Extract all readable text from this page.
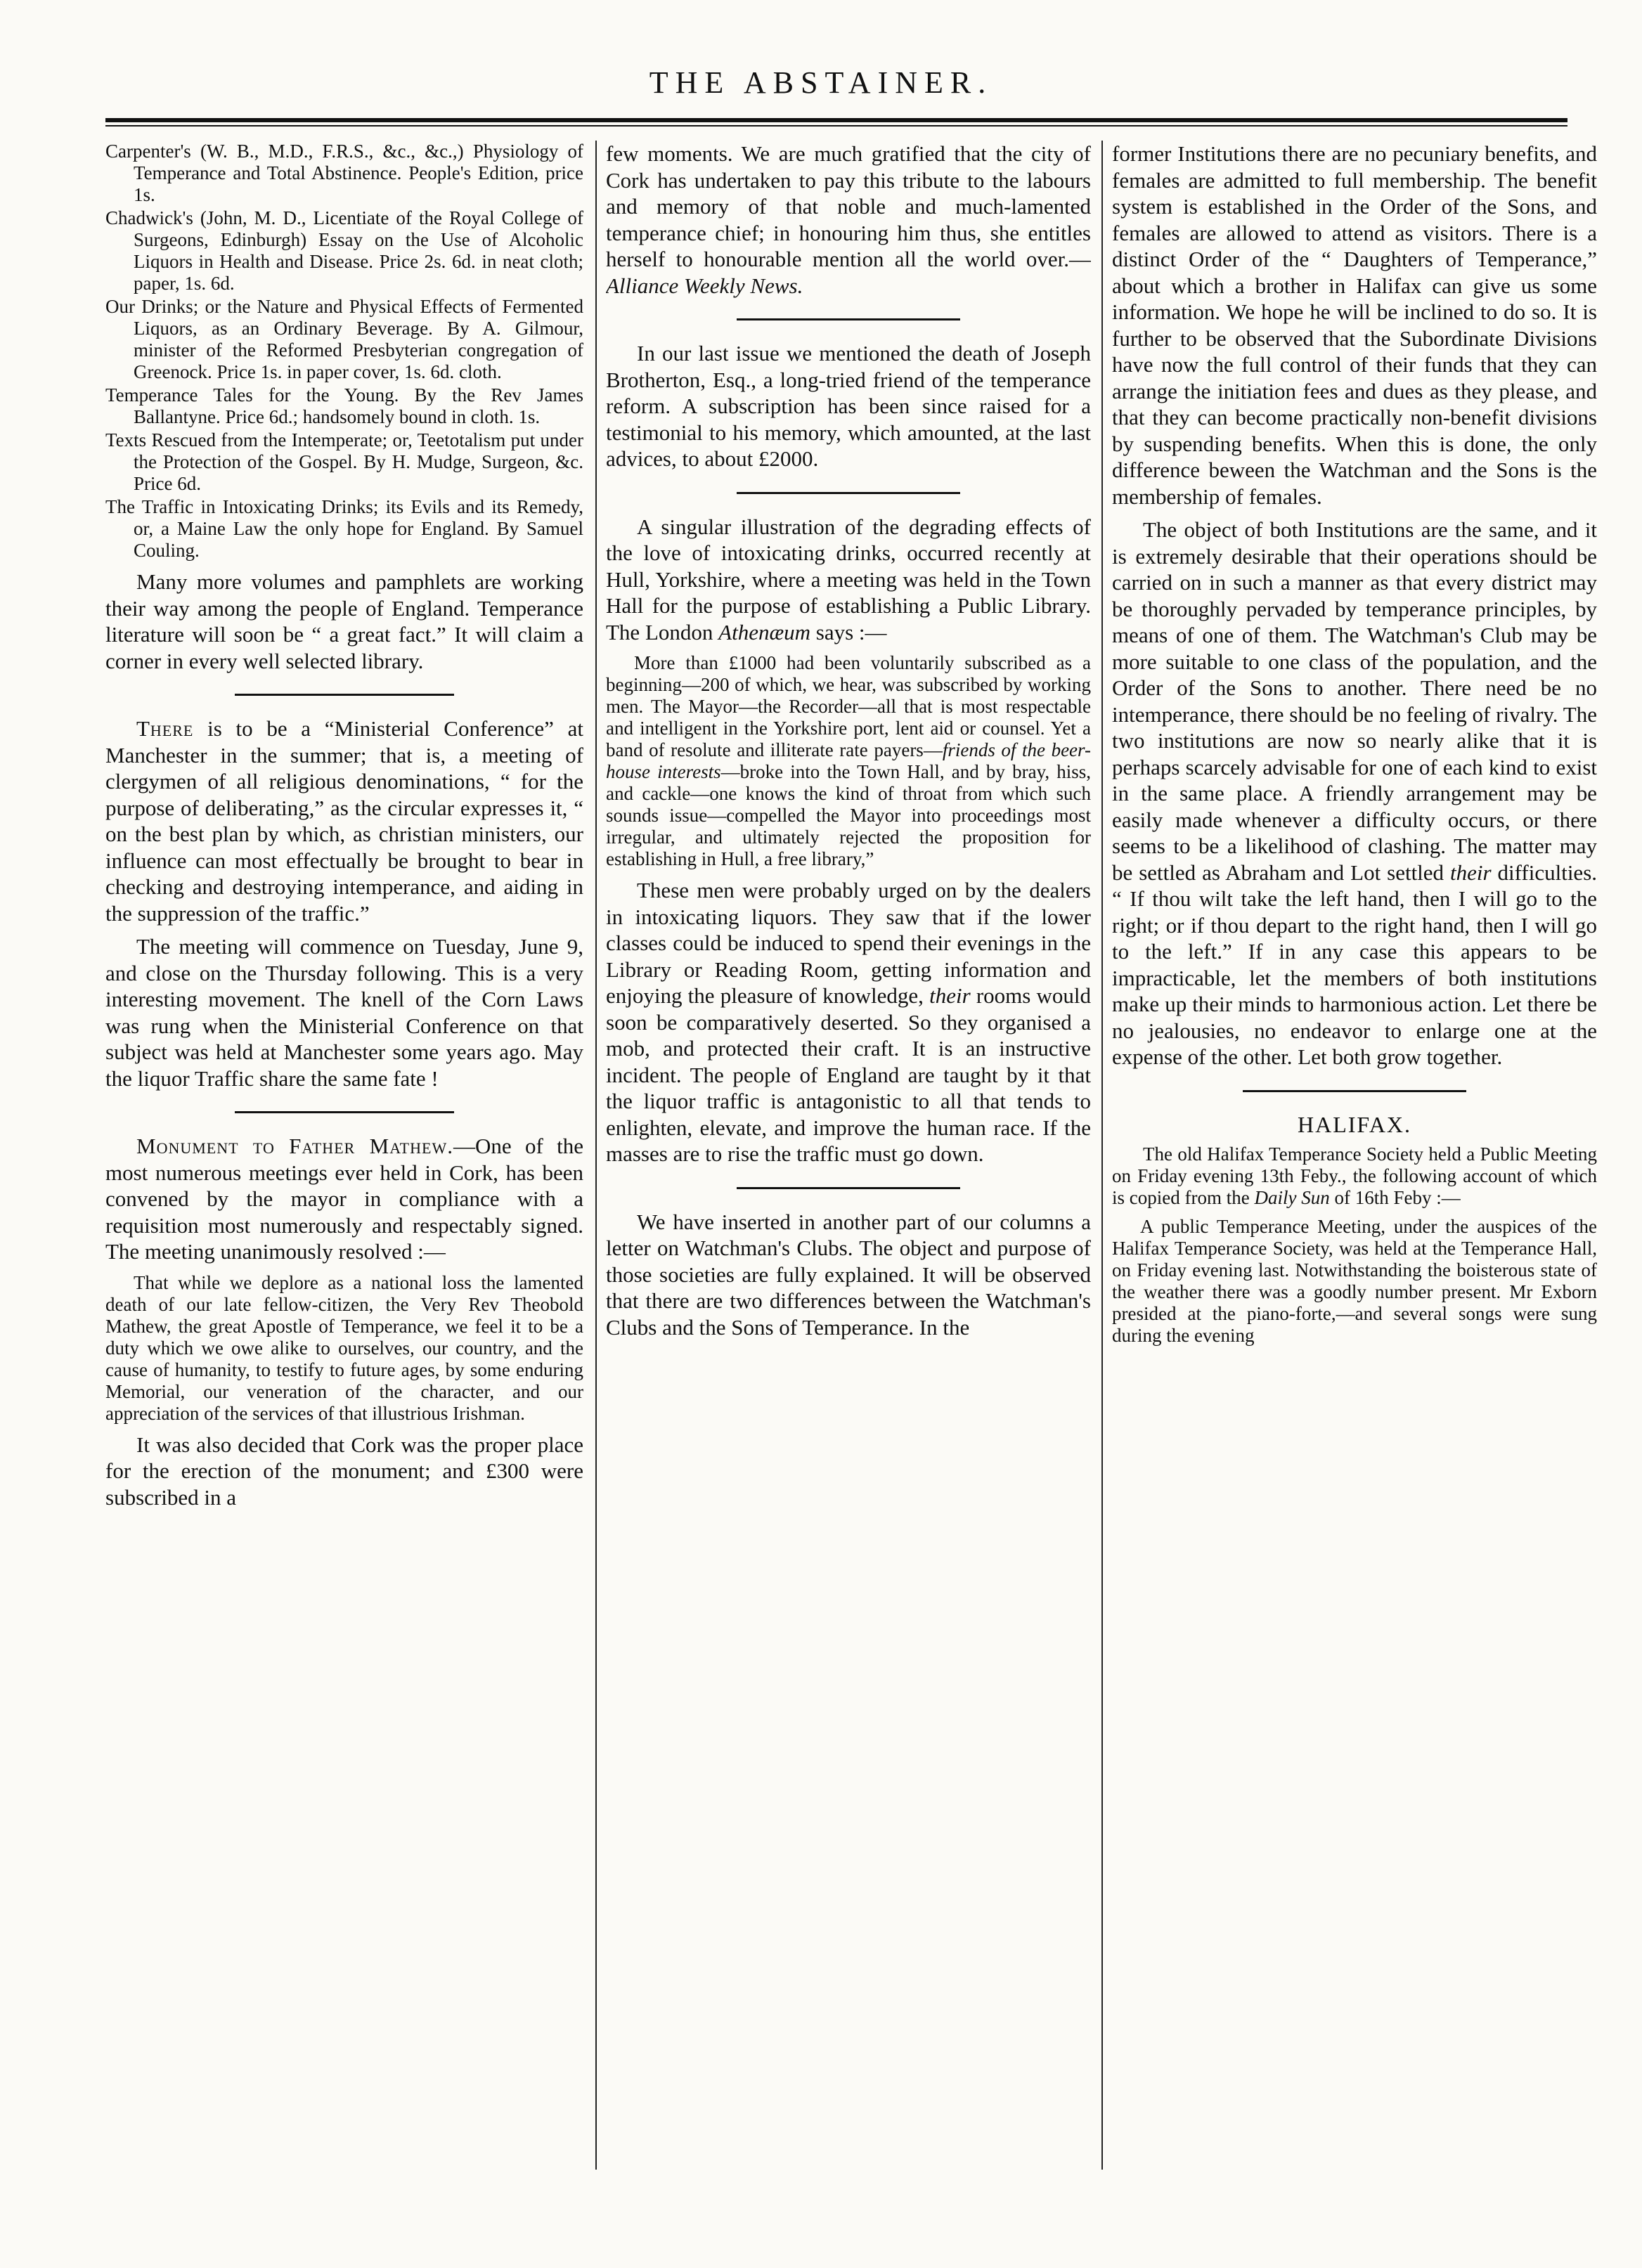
THE ABSTAINER.
Carpenter's (W. B., M.D., F.R.S., &c., &c.,) Physiology of Temperance and Total Abstinence. People's Edition, price 1s.
Chadwick's (John, M. D., Licentiate of the Royal College of Surgeons, Edinburgh) Essay on the Use of Alcoholic Liquors in Health and Disease. Price 2s. 6d. in neat cloth; paper, 1s. 6d.
Our Drinks; or the Nature and Physical Effects of Fermented Liquors, as an Ordinary Beverage. By A. Gilmour, minister of the Reformed Presbyterian congregation of Greenock. Price 1s. in paper cover, 1s. 6d. cloth.
Temperance Tales for the Young. By the Rev James Ballantyne. Price 6d.; handsomely bound in cloth. 1s.
Texts Rescued from the Intemperate; or, Teetotalism put under the Protection of the Gospel. By H. Mudge, Surgeon, &c. Price 6d.
The Traffic in Intoxicating Drinks; its Evils and its Remedy, or, a Maine Law the only hope for England. By Samuel Couling.

Many more volumes and pamphlets are working their way among the people of England. Temperance literature will soon be “ a great fact.” It will claim a corner in every well selected library.

There is to be a “Ministerial Conference” at Manchester in the summer; that is, a meeting of clergymen of all religious denominations, “ for the purpose of deliberating,” as the circular expresses it, “ on the best plan by which, as christian ministers, our influence can most effectually be brought to bear in checking and destroying intemperance, and aiding in the suppression of the traffic.”

The meeting will commence on Tuesday, June 9, and close on the Thursday following. This is a very interesting movement. The knell of the Corn Laws was rung when the Ministerial Conference on that subject was held at Manchester some years ago. May the liquor Traffic share the same fate !

Monument to Father Mathew.—One of the most numerous meetings ever held in Cork, has been convened by the mayor in compliance with a requisition most numerously and respectably signed. The meeting unanimously resolved :—

That while we deplore as a national loss the lamented death of our late fellow-citizen, the Very Rev Theobold Mathew, the great Apostle of Temperance, we feel it to be a duty which we owe alike to ourselves, our country, and the cause of humanity, to testify to future ages, by some enduring Memorial, our veneration of the character, and our appreciation of the services of that illustrious Irishman.

It was also decided that Cork was the proper place for the erection of the monument; and £300 were subscribed in a

few moments. We are much gratified that the city of Cork has undertaken to pay this tribute to the labours and memory of that noble and much-lamented temperance chief; in honouring him thus, she entitles herself to honourable mention all the world over.—Alliance Weekly News.

In our last issue we mentioned the death of Joseph Brotherton, Esq., a long-tried friend of the temperance reform. A subscription has been since raised for a testimonial to his memory, which amounted, at the last advices, to about £2000.

A singular illustration of the degrading effects of the love of intoxicating drinks, occurred recently at Hull, Yorkshire, where a meeting was held in the Town Hall for the purpose of establishing a Public Library. The London Athenæum says :—

More than £1000 had been voluntarily subscribed as a beginning—200 of which, we hear, was subscribed by working men. The Mayor—the Recorder—all that is most respectable and intelligent in the Yorkshire port, lent aid or counsel. Yet a band of resolute and illiterate rate payers—friends of the beer-house interests—broke into the Town Hall, and by bray, hiss, and cackle—one knows the kind of throat from which such sounds issue—compelled the Mayor into proceedings most irregular, and ultimately rejected the proposition for establishing in Hull, a free library,”

These men were probably urged on by the dealers in intoxicating liquors. They saw that if the lower classes could be induced to spend their evenings in the Library or Reading Room, getting information and enjoying the pleasure of knowledge, their rooms would soon be comparatively deserted. So they organised a mob, and protected their craft. It is an instructive incident. The people of England are taught by it that the liquor traffic is antagonistic to all that tends to enlighten, elevate, and improve the human race. If the masses are to rise the traffic must go down.

We have inserted in another part of our columns a letter on Watchman's Clubs. The object and purpose of those societies are fully explained. It will be observed that there are two differences between the Watchman's Clubs and the Sons of Temperance. In the

former Institutions there are no pecuniary benefits, and females are admitted to full membership. The benefit system is established in the Order of the Sons, and females are allowed to attend as visitors. There is a distinct Order of the “ Daughters of Temperance,” about which a brother in Halifax can give us some information. We hope he will be inclined to do so. It is further to be observed that the Subordinate Divisions have now the full control of their funds that they can arrange the initiation fees and dues as they please, and that they can become practically non-benefit divisions by suspending benefits. When this is done, the only difference beween the Watchman and the Sons is the membership of females.

The object of both Institutions are the same, and it is extremely desirable that their operations should be carried on in such a manner as that every district may be thoroughly pervaded by temperance principles, by means of one of them. The Watchman's Club may be more suitable to one class of the population, and the Order of the Sons to another. There need be no intemperance, there should be no feeling of rivalry. The two institutions are now so nearly alike that it is perhaps scarcely advisable for one of each kind to exist in the same place. A friendly arrangement may be easily made whenever a difficulty occurs, or there seems to be a likelihood of clashing. The matter may be settled as Abraham and Lot settled their difficulties. “ If thou wilt take the left hand, then I will go to the right; or if thou depart to the right hand, then I will go to the left.” If in any case this appears to be impracticable, let the members of both institutions make up their minds to harmonious action. Let there be no jealousies, no endeavor to enlarge one at the expense of the other. Let both grow together.

HALIFAX.

The old Halifax Temperance Society held a Public Meeting on Friday evening 13th Feby., the following account of which is copied from the Daily Sun of 16th Feby :—

A public Temperance Meeting, under the auspices of the Halifax Temperance Society, was held at the Temperance Hall, on Friday evening last. Notwithstanding the boisterous state of the weather there was a goodly number present. Mr Exborn presided at the piano-forte,—and several songs were sung during the evening
